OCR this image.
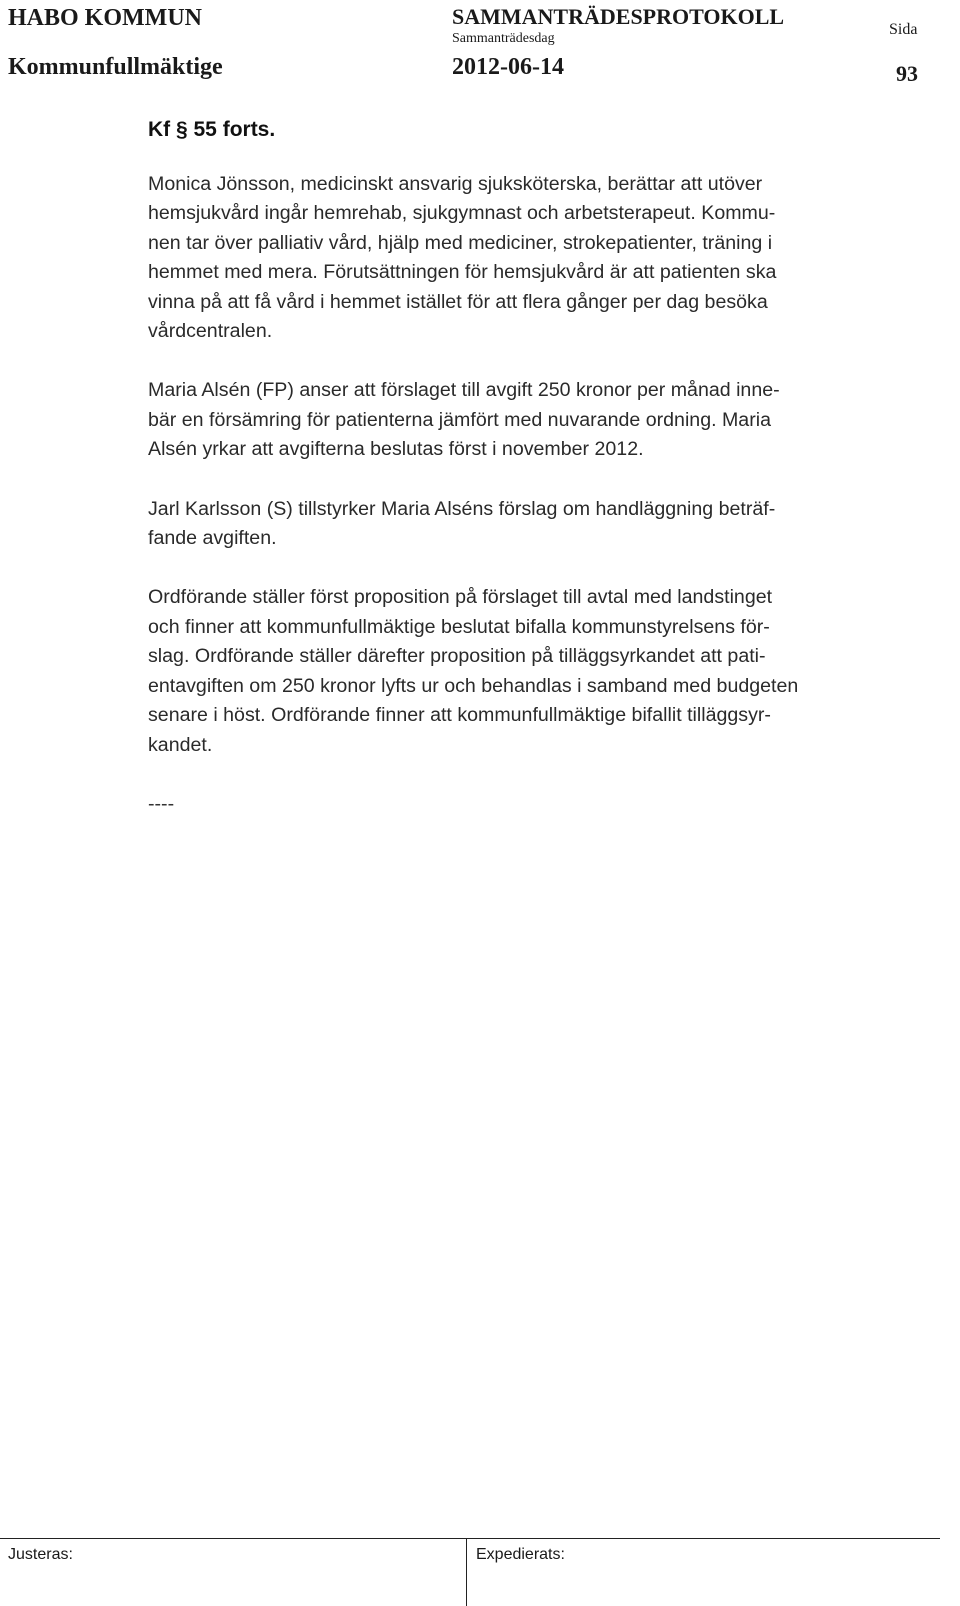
HABO KOMMUN
Kommunfullmäktige
SAMMANTRÄDESPROTOKOLL
Sammanträdesdag
2012-06-14
Sida
93
Kf § 55 forts.
Monica Jönsson, medicinskt ansvarig sjuksköterska, berättar att utöver
hemsjukvård ingår hemrehab, sjukgymnast och arbetsterapeut. Kommu-
nen tar över palliativ vård, hjälp med mediciner, strokepatienter, träning i
hemmet med mera. Förutsättningen för hemsjukvård är att patienten ska
vinna på att få vård i hemmet istället för att flera gånger per dag besöka
vårdcentralen.
Maria Alsén (FP) anser att förslaget till avgift 250 kronor per månad inne-
bär en försämring för patienterna jämfört med nuvarande ordning. Maria
Alsén yrkar att avgifterna beslutas först i november 2012.
Jarl Karlsson (S) tillstyrker Maria Alséns förslag om handläggning beträf-
fande avgiften.
Ordförande ställer först proposition på förslaget till avtal med landstinget
och finner att kommunfullmäktige beslutat bifalla kommunstyrelsens för-
slag. Ordförande ställer därefter proposition på tilläggsyrkandet att pati-
entavgiften om 250 kronor lyfts ur och behandlas i samband med budgeten
senare i höst. Ordförande finner att kommunfullmäktige bifallit tilläggsyr-
kandet.
----
Justeras:	Expedierats:
